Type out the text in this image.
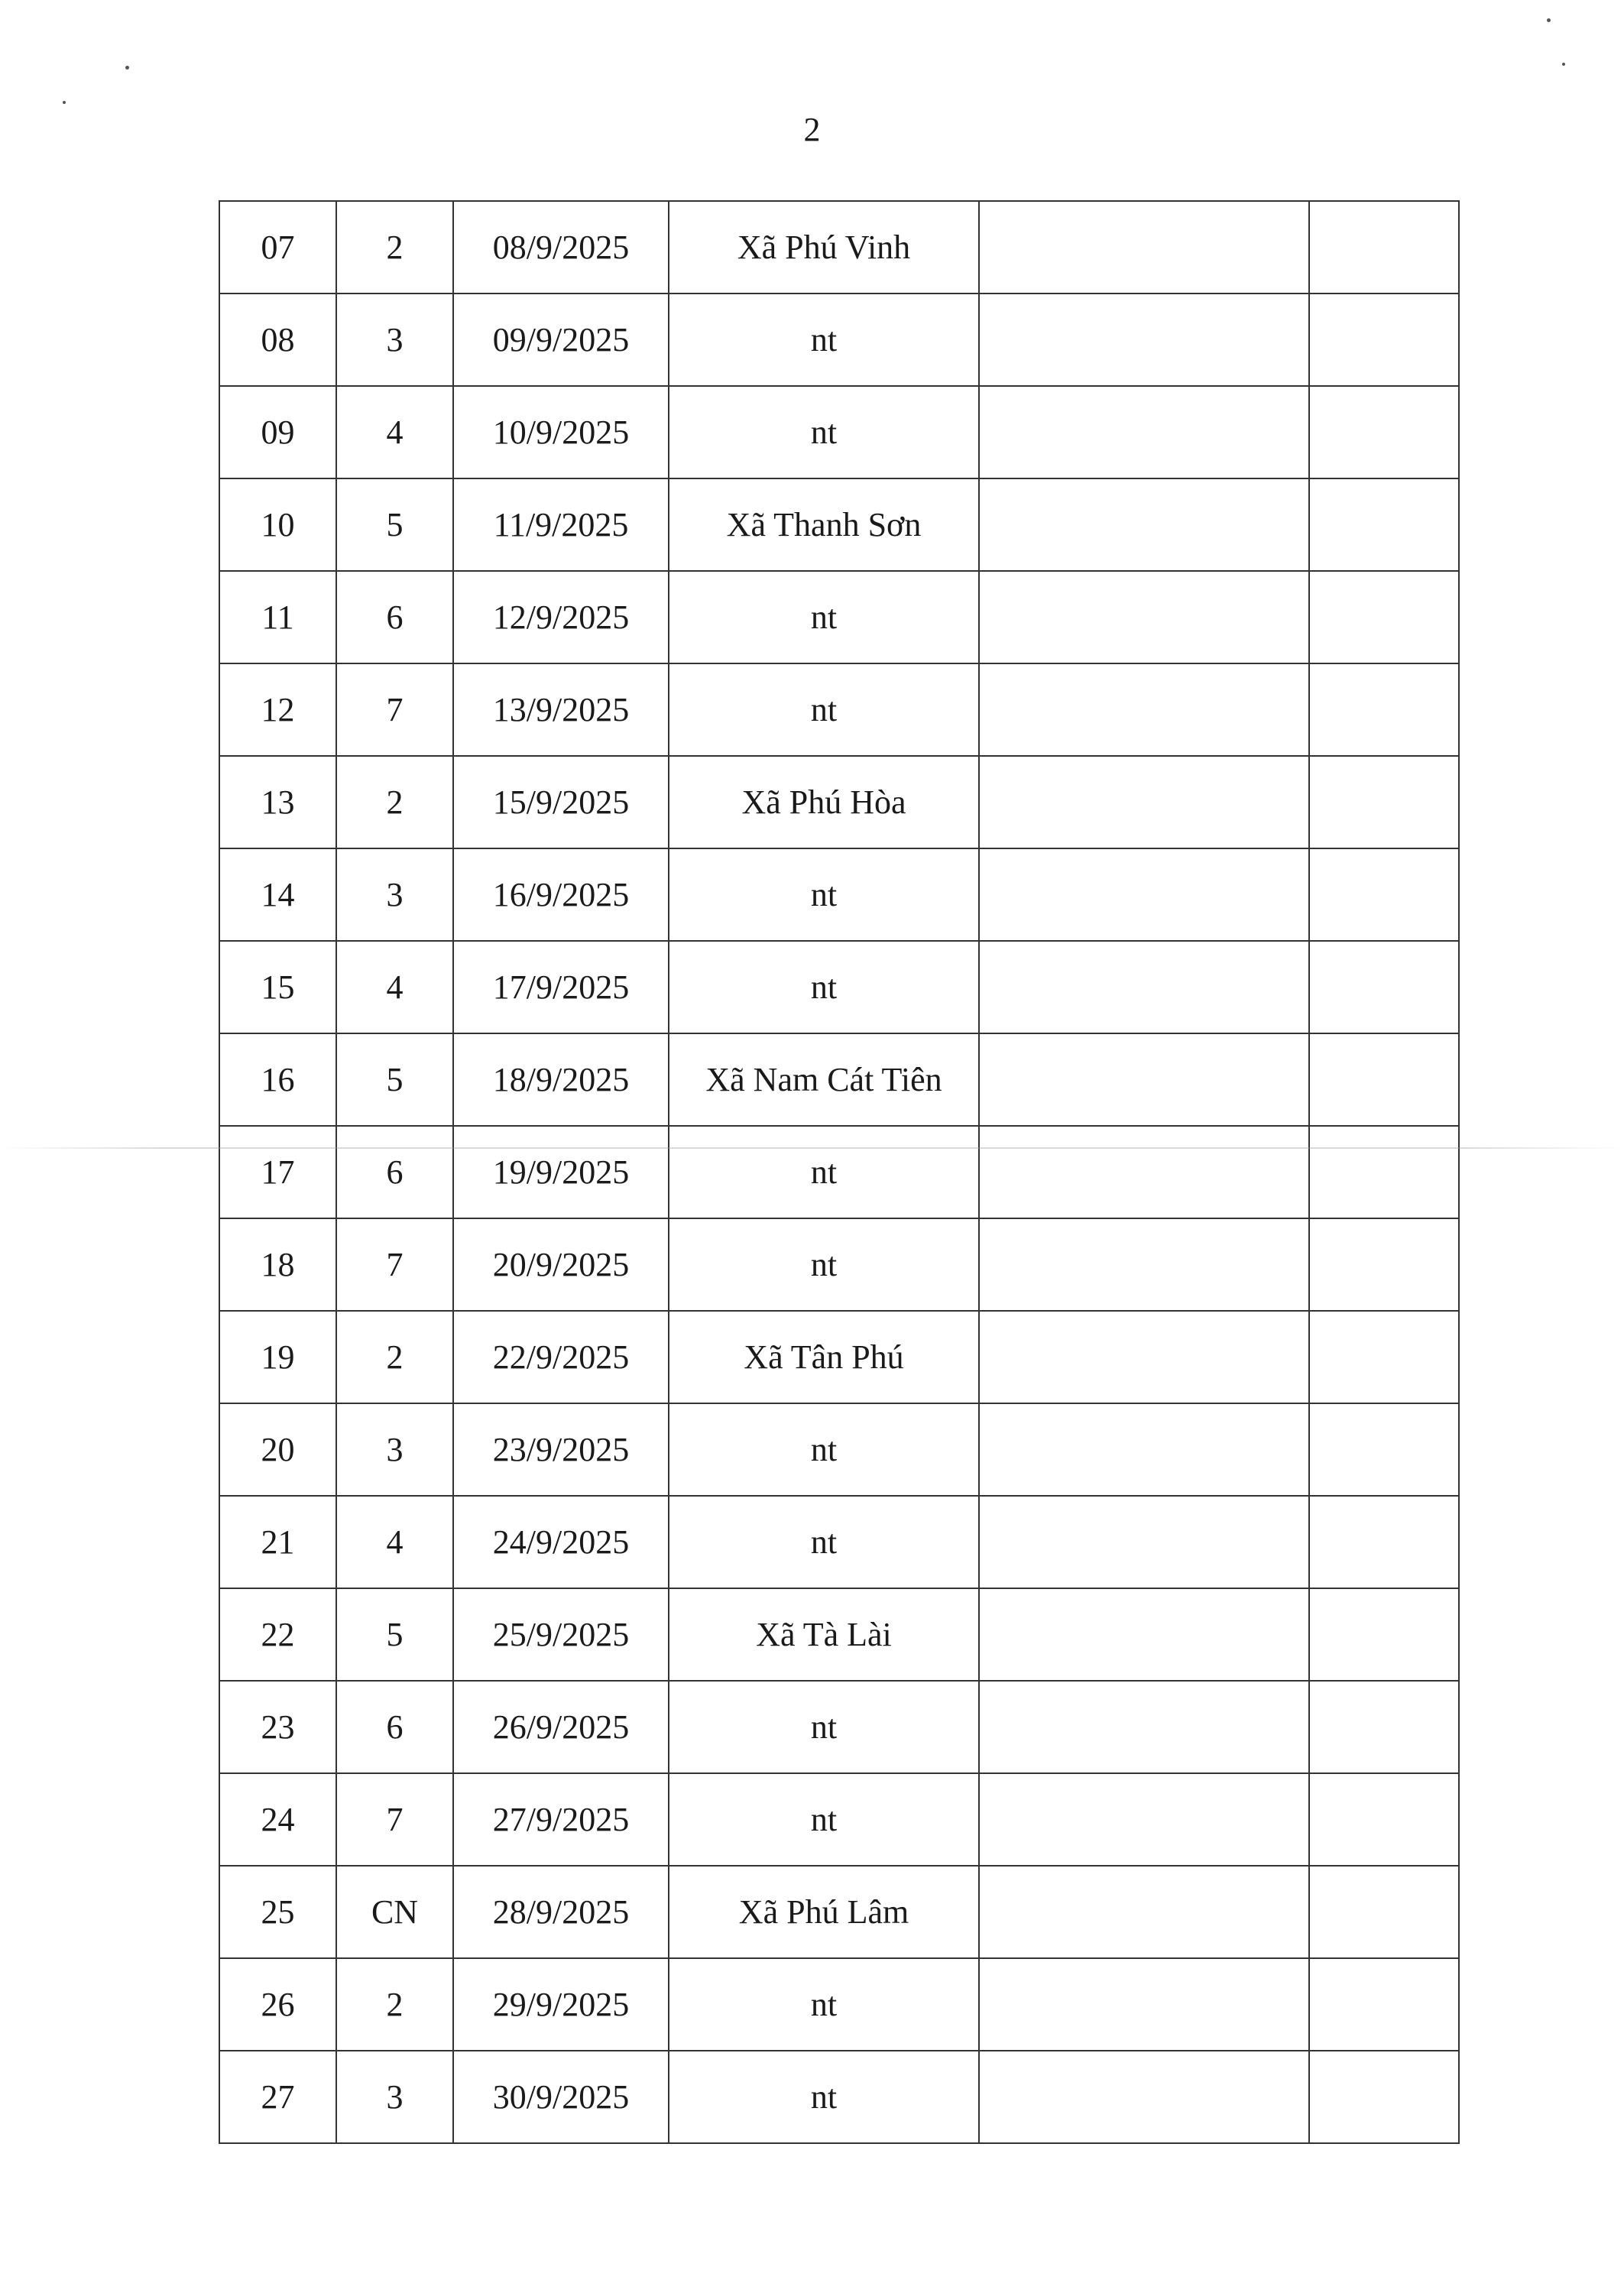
2
07	2	08/9/2025	Xã Phú Vinh		
08	3	09/9/2025	nt		
09	4	10/9/2025	nt		
10	5	11/9/2025	Xã Thanh Sơn		
11	6	12/9/2025	nt		
12	7	13/9/2025	nt		
13	2	15/9/2025	Xã Phú Hòa		
14	3	16/9/2025	nt		
15	4	17/9/2025	nt		
16	5	18/9/2025	Xã Nam Cát Tiên		
17	6	19/9/2025	nt		
18	7	20/9/2025	nt		
19	2	22/9/2025	Xã Tân Phú		
20	3	23/9/2025	nt		
21	4	24/9/2025	nt		
22	5	25/9/2025	Xã Tà Lài		
23	6	26/9/2025	nt		
24	7	27/9/2025	nt		
25	CN	28/9/2025	Xã Phú Lâm		
26	2	29/9/2025	nt		
27	3	30/9/2025	nt		
